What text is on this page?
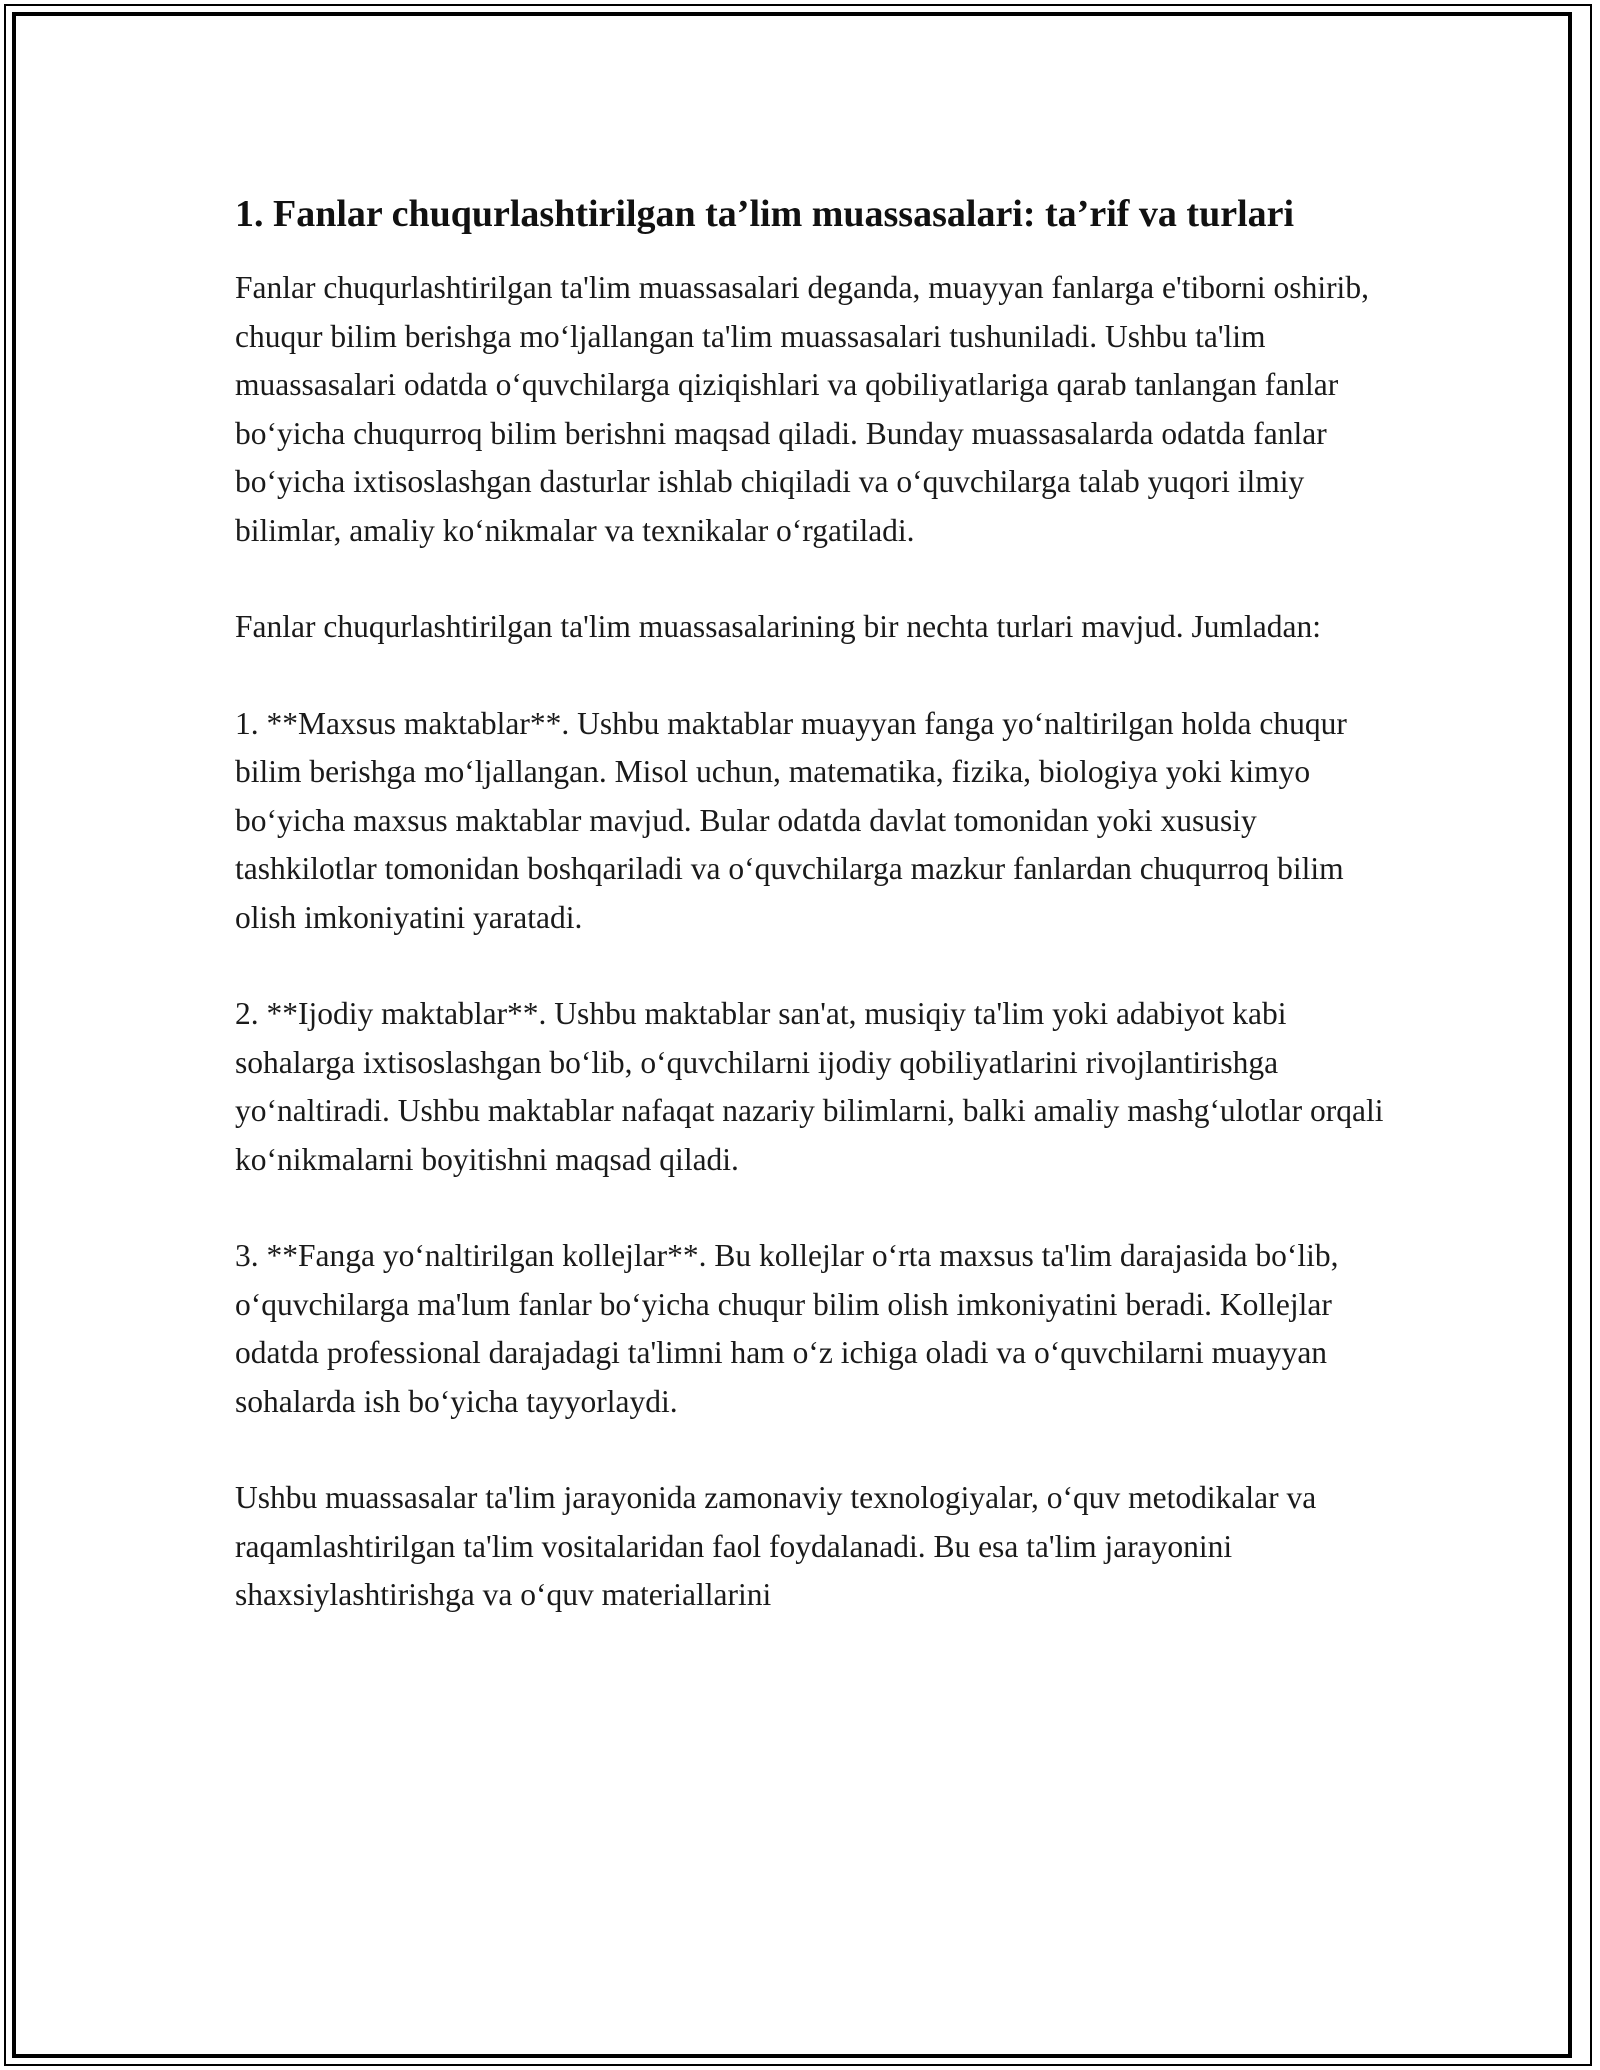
1. Fanlar chuqurlashtirilgan ta’lim muassasalari: ta’rif va turlari

Fanlar chuqurlashtirilgan ta'lim muassasalari deganda, muayyan fanlarga e'tiborni oshirib, chuqur bilim berishga mo‘ljallangan ta'lim muassasalari tushuniladi. Ushbu ta'lim muassasalari odatda o‘quvchilarga qiziqishlari va qobiliyatlariga qarab tanlangan fanlar bo‘yicha chuqurroq bilim berishni maqsad qiladi. Bunday muassasalarda odatda fanlar bo‘yicha ixtisoslashgan dasturlar ishlab chiqiladi va o‘quvchilarga talab yuqori ilmiy bilimlar, amaliy ko‘nikmalar va texnikalar o‘rgatiladi.

Fanlar chuqurlashtirilgan ta'lim muassasalarining bir nechta turlari mavjud. Jumladan:

1. **Maxsus maktablar**. Ushbu maktablar muayyan fanga yo‘naltirilgan holda chuqur bilim berishga mo‘ljallangan. Misol uchun, matematika, fizika, biologiya yoki kimyo bo‘yicha maxsus maktablar mavjud. Bular odatda davlat tomonidan yoki xususiy tashkilotlar tomonidan boshqariladi va o‘quvchilarga mazkur fanlardan chuqurroq bilim olish imkoniyatini yaratadi.

2. **Ijodiy maktablar**. Ushbu maktablar san'at, musiqiy ta'lim yoki adabiyot kabi sohalarga ixtisoslashgan bo‘lib, o‘quvchilarni ijodiy qobiliyatlarini rivojlantirishga yo‘naltiradi. Ushbu maktablar nafaqat nazariy bilimlarni, balki amaliy mashg‘ulotlar orqali ko‘nikmalarni boyitishni maqsad qiladi.

3. **Fanga yo‘naltirilgan kollejlar**. Bu kollejlar o‘rta maxsus ta'lim darajasida bo‘lib, o‘quvchilarga ma'lum fanlar bo‘yicha chuqur bilim olish imkoniyatini beradi. Kollejlar odatda professional darajadagi ta'limni ham o‘z ichiga oladi va o‘quvchilarni muayyan sohalarda ish bo‘yicha tayyorlaydi.

Ushbu muassasalar ta'lim jarayonida zamonaviy texnologiyalar, o‘quv metodikalar va raqamlashtirilgan ta'lim vositalaridan faol foydalanadi. Bu esa ta'lim jarayonini shaxsiylashtirishga va o‘quv materiallarini
